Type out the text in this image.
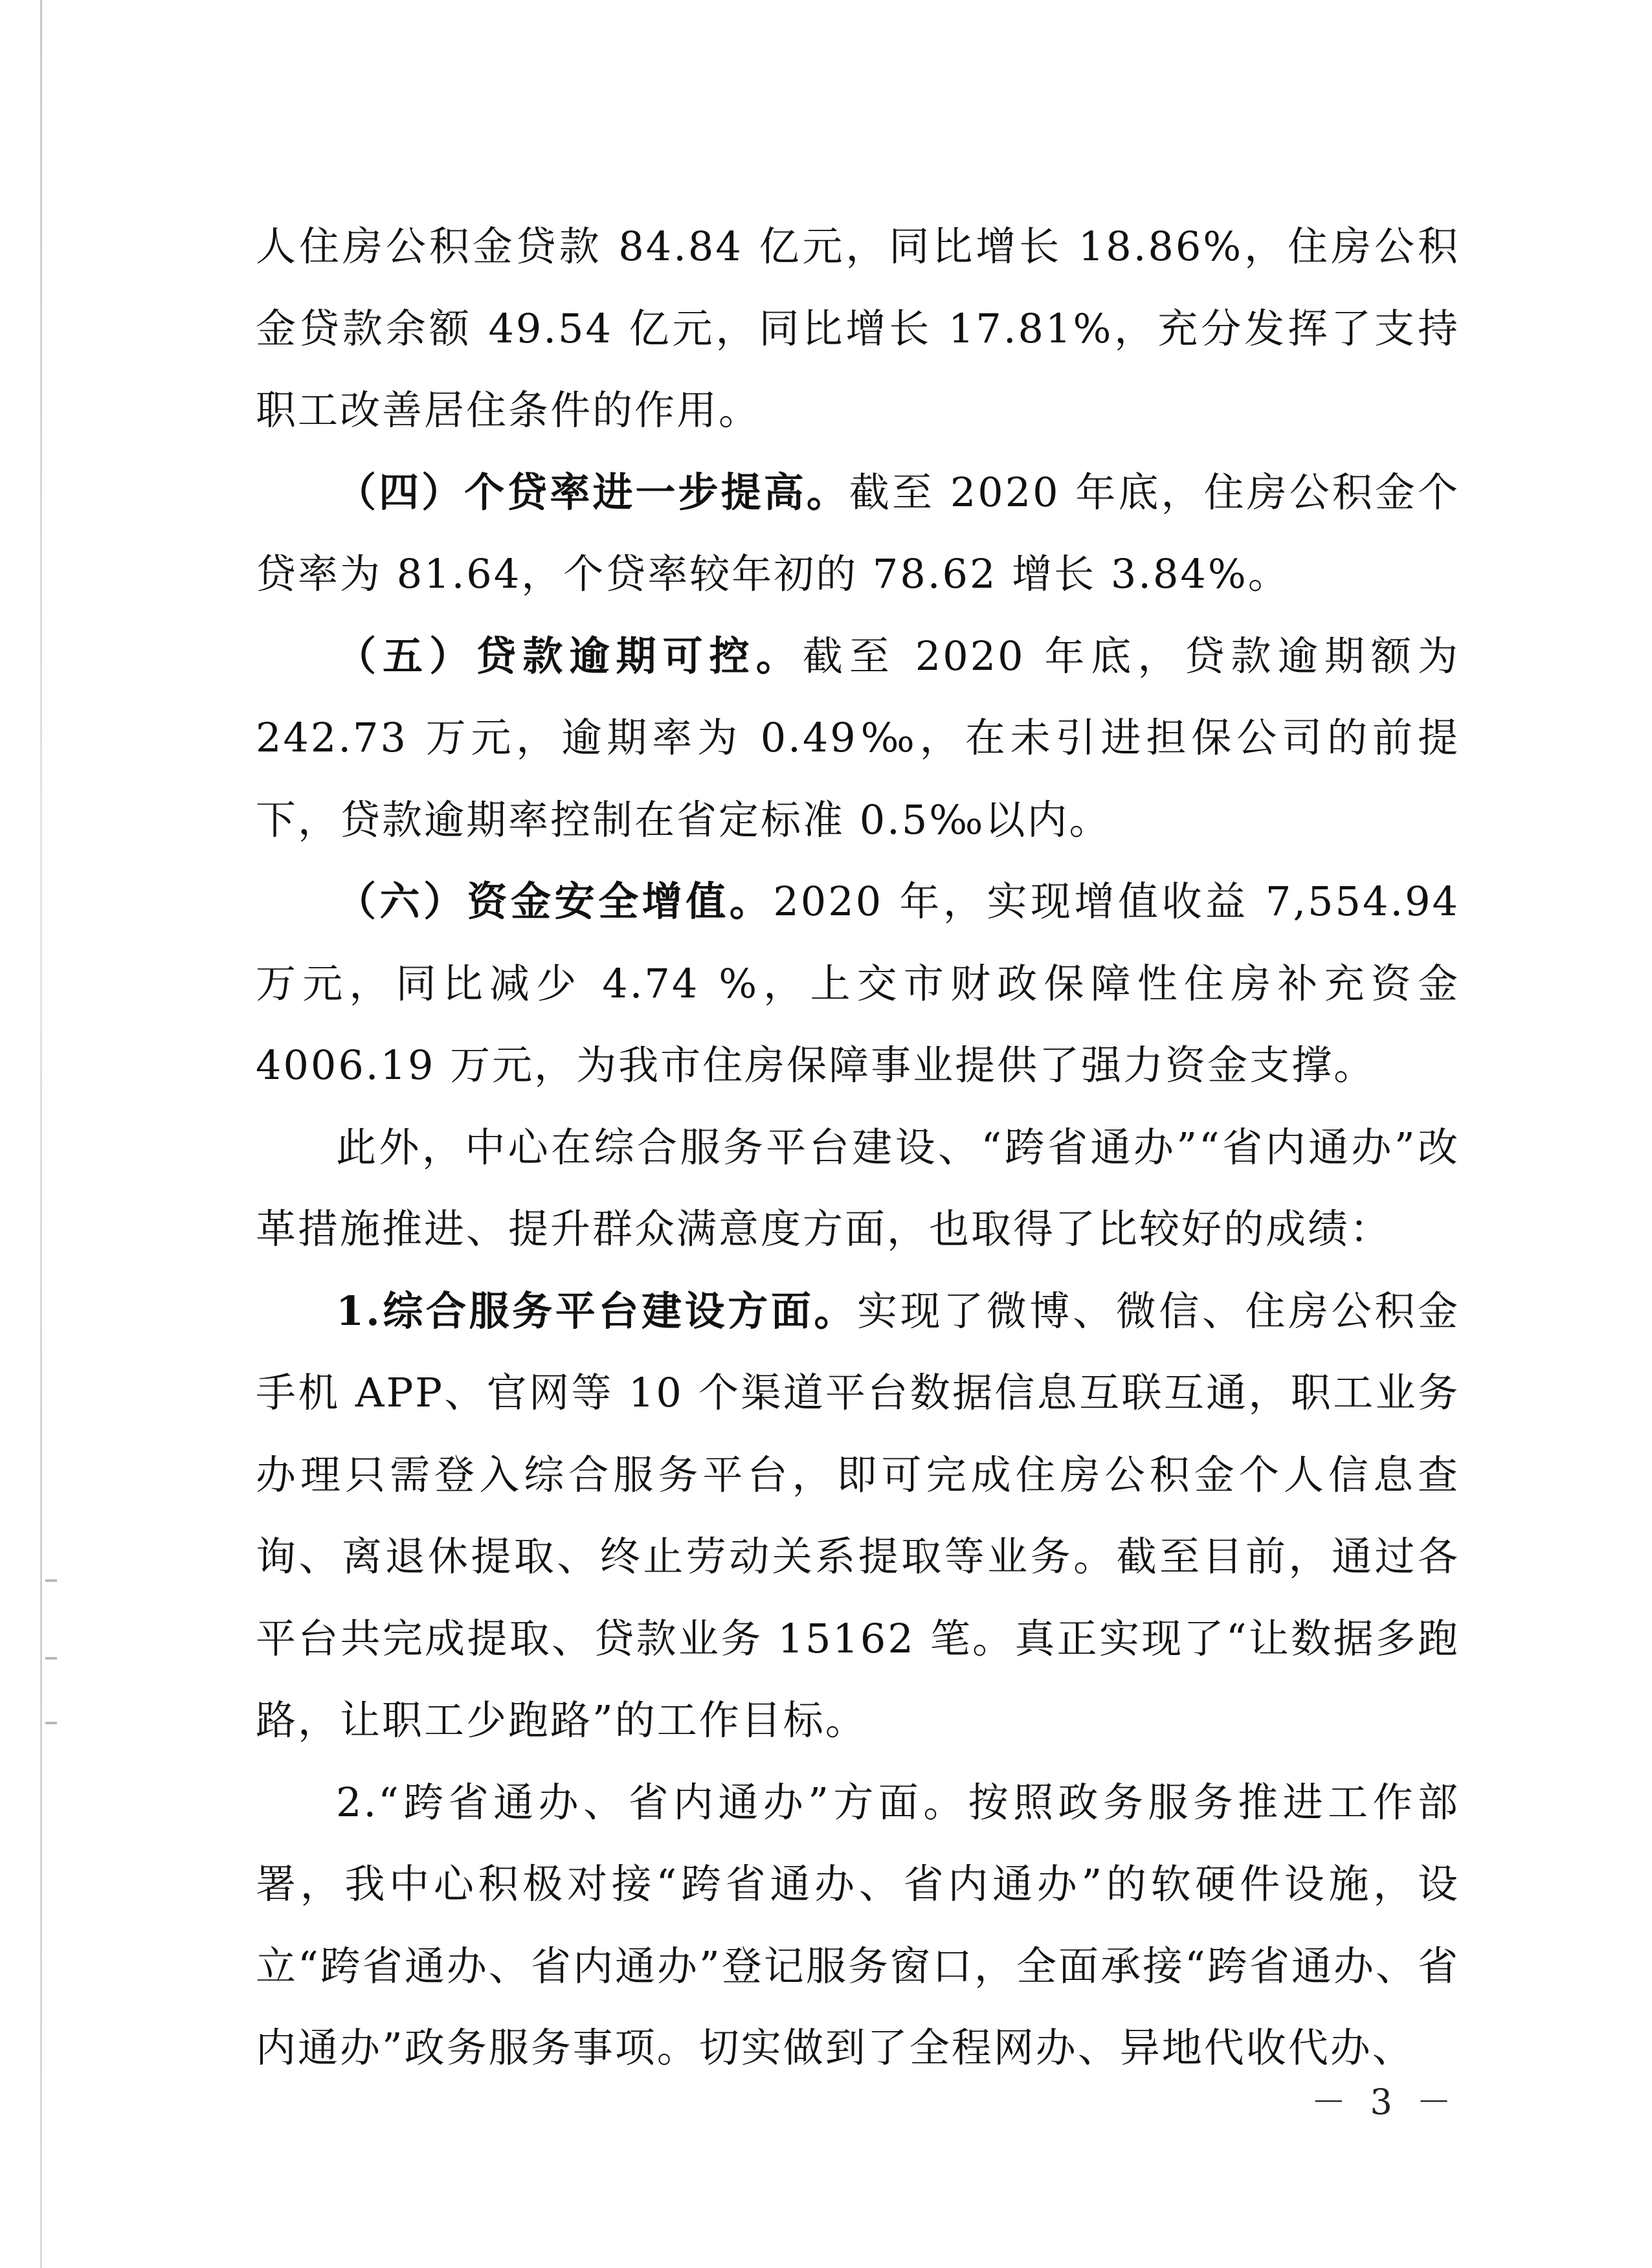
人住房公积金贷款 84.84 亿元，同比增长 18.86%，住房公积金贷款余额 49.54 亿元，同比增长 17.81%，充分发挥了支持职工改善居住条件的作用。

（四）个贷率进一步提高。截至 2020 年底，住房公积金个贷率为 81.64，个贷率较年初的 78.62 增长 3.84%。

（五）贷款逾期可控。截至 2020 年底，贷款逾期额为 242.73 万元，逾期率为 0.49‰，在未引进担保公司的前提下，贷款逾期率控制在省定标准 0.5‰以内。

（六）资金安全增值。2020 年，实现增值收益 7,554.94 万元，同比减少 4.74 %，上交市财政保障性住房补充资金 4006.19 万元，为我市住房保障事业提供了强力资金支撑。

此外，中心在综合服务平台建设、“跨省通办”“省内通办”改革措施推进、提升群众满意度方面，也取得了比较好的成绩：

1.综合服务平台建设方面。实现了微博、微信、住房公积金手机 APP、官网等 10 个渠道平台数据信息互联互通，职工业务办理只需登入综合服务平台，即可完成住房公积金个人信息查询、离退休提取、终止劳动关系提取等业务。截至目前，通过各平台共完成提取、贷款业务 15162 笔。真正实现了“让数据多跑路，让职工少跑路”的工作目标。

2.“跨省通办、省内通办”方面。按照政务服务推进工作部署，我中心积极对接“跨省通办、省内通办”的软硬件设施，设立“跨省通办、省内通办”登记服务窗口，全面承接“跨省通办、省内通办”政务服务事项。切实做到了全程网办、异地代收代办、

－ 3 －
